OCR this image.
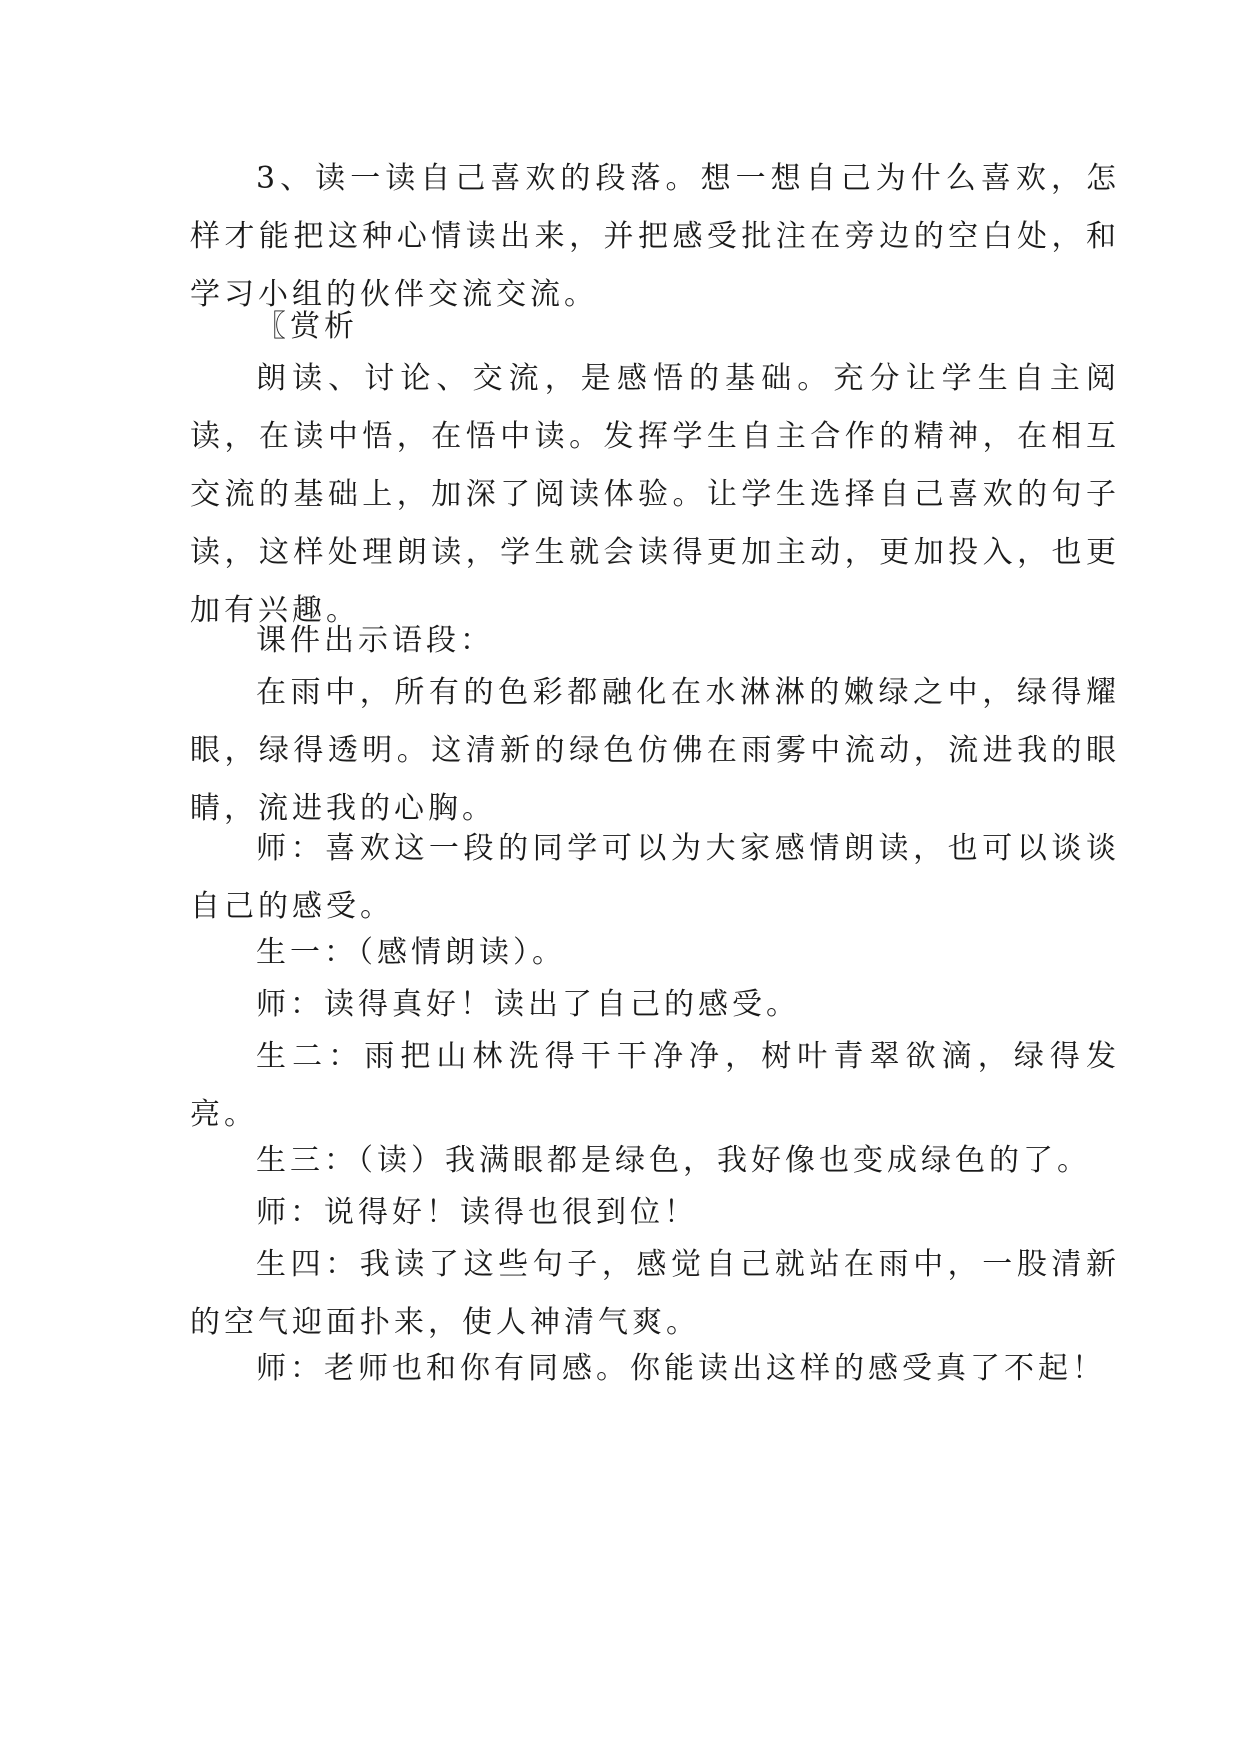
3、读一读自己喜欢的段落。想一想自己为什么喜欢，怎样才能把这种心情读出来，并把感受批注在旁边的空白处，和学习小组的伙伴交流交流。
〖赏析
朗读、讨论、交流，是感悟的基础。充分让学生自主阅读，在读中悟，在悟中读。发挥学生自主合作的精神，在相互交流的基础上，加深了阅读体验。让学生选择自己喜欢的句子读，这样处理朗读，学生就会读得更加主动，更加投入，也更加有兴趣。
课件出示语段：
在雨中，所有的色彩都融化在水淋淋的嫩绿之中，绿得耀眼，绿得透明。这清新的绿色仿佛在雨雾中流动，流进我的眼睛，流进我的心胸。
师：喜欢这一段的同学可以为大家感情朗读，也可以谈谈自己的感受。
生一：（感情朗读）。
师：读得真好！读出了自己的感受。
生二：雨把山林洗得干干净净，树叶青翠欲滴，绿得发亮。
生三：（读）我满眼都是绿色，我好像也变成绿色的了。
师：说得好！读得也很到位！
生四：我读了这些句子，感觉自己就站在雨中，一股清新的空气迎面扑来，使人神清气爽。
师：老师也和你有同感。你能读出这样的感受真了不起！
